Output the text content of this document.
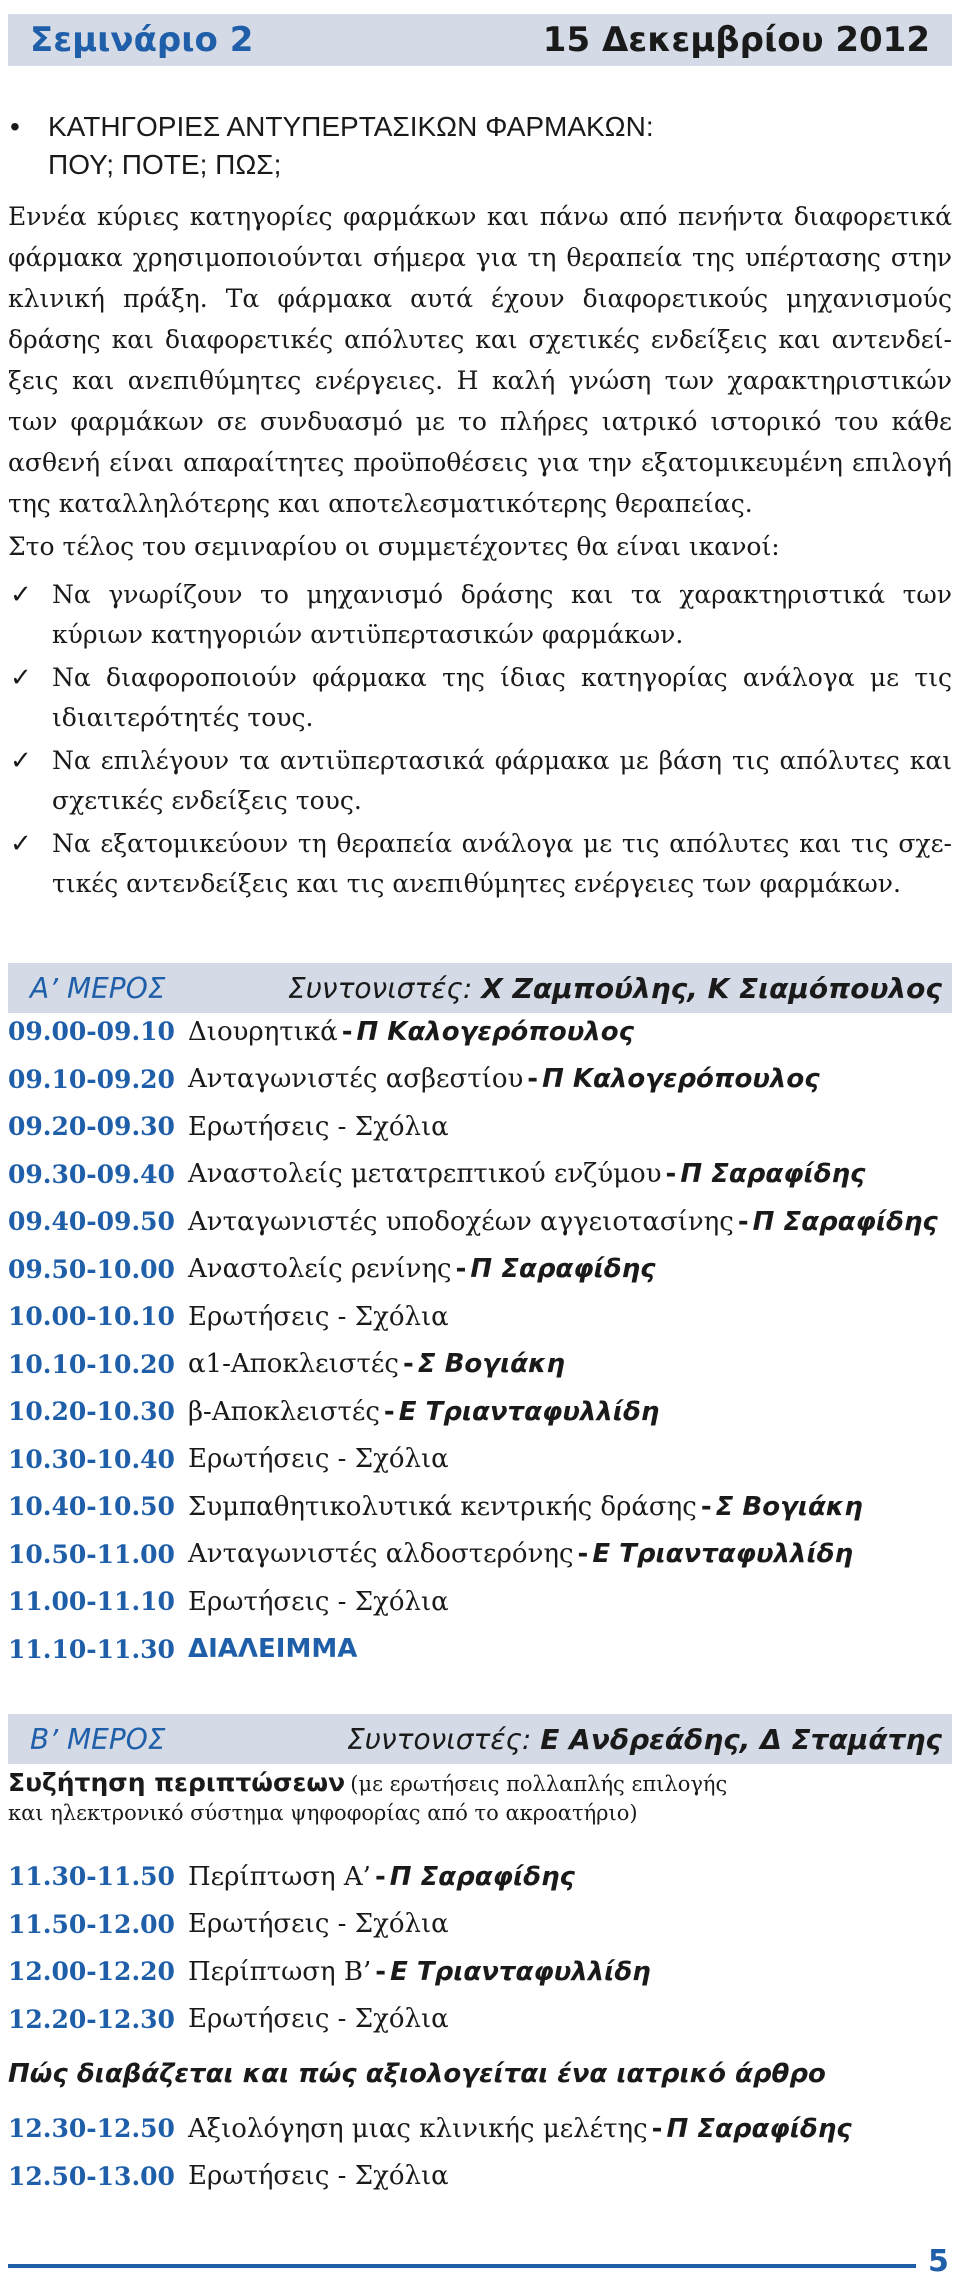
Σεμινάριο 2	15 Δεκεμβρίου 2012
• ΚΑΤΗΓΟΡΙΕΣ ΑΝΤΥΠΕΡΤΑΣΙΚΩΝ ΦΑΡΜΑΚΩΝ:
ΠΟΥ; ΠΟΤΕ; ΠΩΣ;
Εννέα κύριες κατηγορίες φαρμάκων και πάνω από πενήντα διαφορετικά φάρμακα χρησιμοποιούνται σήμερα για τη θεραπεία της υπέρτασης στην κλινική πράξη. Τα φάρμακα αυτά έχουν διαφορετικούς μηχανισμούς δράσης και διαφορετικές απόλυτες και σχετικές ενδείξεις και αντενδείξεις και ανεπιθύμητες ενέργειες. Η καλή γνώση των χαρακτηριστικών των φαρμάκων σε συνδυασμό με το πλήρες ιατρικό ιστορικό του κάθε ασθενή είναι απαραίτητες προϋποθέσεις για την εξατομικευμένη επιλογή της καταλληλότερης και αποτελεσματικότερης θεραπείας.
Στο τέλος του σεμιναρίου οι συμμετέχοντες θα είναι ικανοί:
✓ Να γνωρίζουν το μηχανισμό δράσης και τα χαρακτηριστικά των κύριων κατηγοριών αντιϋπερτασικών φαρμάκων.
✓ Να διαφοροποιούν φάρμακα της ίδιας κατηγορίας ανάλογα με τις ιδιαιτερότητές τους.
✓ Να επιλέγουν τα αντιϋπερτασικά φάρμακα με βάση τις απόλυτες και σχετικές ενδείξεις τους.
✓ Να εξατομικεύουν τη θεραπεία ανάλογα με τις απόλυτες και τις σχετικές αντενδείξεις και τις ανεπιθύμητες ενέργειες των φαρμάκων.
Α’ ΜΕΡΟΣ	Συντονιστές: Χ Ζαμπούλης, Κ Σιαμόπουλος
09.00-09.10 Διουρητικά - Π Καλογερόπουλος
09.10-09.20 Ανταγωνιστές ασβεστίου - Π Καλογερόπουλος
09.20-09.30 Ερωτήσεις - Σχόλια
09.30-09.40 Αναστολείς μετατρεπτικού ενζύμου - Π Σαραφίδης
09.40-09.50 Ανταγωνιστές υποδοχέων αγγειοτασίνης - Π Σαραφίδης
09.50-10.00 Αναστολείς ρενίνης - Π Σαραφίδης
10.00-10.10 Ερωτήσεις - Σχόλια
10.10-10.20 α1-Αποκλειστές - Σ Βογιάκη
10.20-10.30 β-Αποκλειστές - Ε Τριανταφυλλίδη
10.30-10.40 Ερωτήσεις - Σχόλια
10.40-10.50 Συμπαθητικολυτικά κεντρικής δράσης - Σ Βογιάκη
10.50-11.00 Ανταγωνιστές αλδοστερόνης - Ε Τριανταφυλλίδη
11.00-11.10 Ερωτήσεις - Σχόλια
11.10-11.30 ΔΙΑΛΕΙΜΜΑ
Β’ ΜΕΡΟΣ	Συντονιστές: Ε Ανδρεάδης, Δ Σταμάτης
Συζήτηση περιπτώσεων (με ερωτήσεις πολλαπλής επιλογής
και ηλεκτρονικό σύστημα ψηφοφορίας από το ακροατήριο)
11.30-11.50 Περίπτωση Α’ - Π Σαραφίδης
11.50-12.00 Ερωτήσεις - Σχόλια
12.00-12.20 Περίπτωση Β’ - Ε Τριανταφυλλίδη
12.20-12.30 Ερωτήσεις - Σχόλια
Πώς διαβάζεται και πώς αξιολογείται ένα ιατρικό άρθρο
12.30-12.50 Αξιολόγηση μιας κλινικής μελέτης - Π Σαραφίδης
12.50-13.00 Ερωτήσεις - Σχόλια
5
